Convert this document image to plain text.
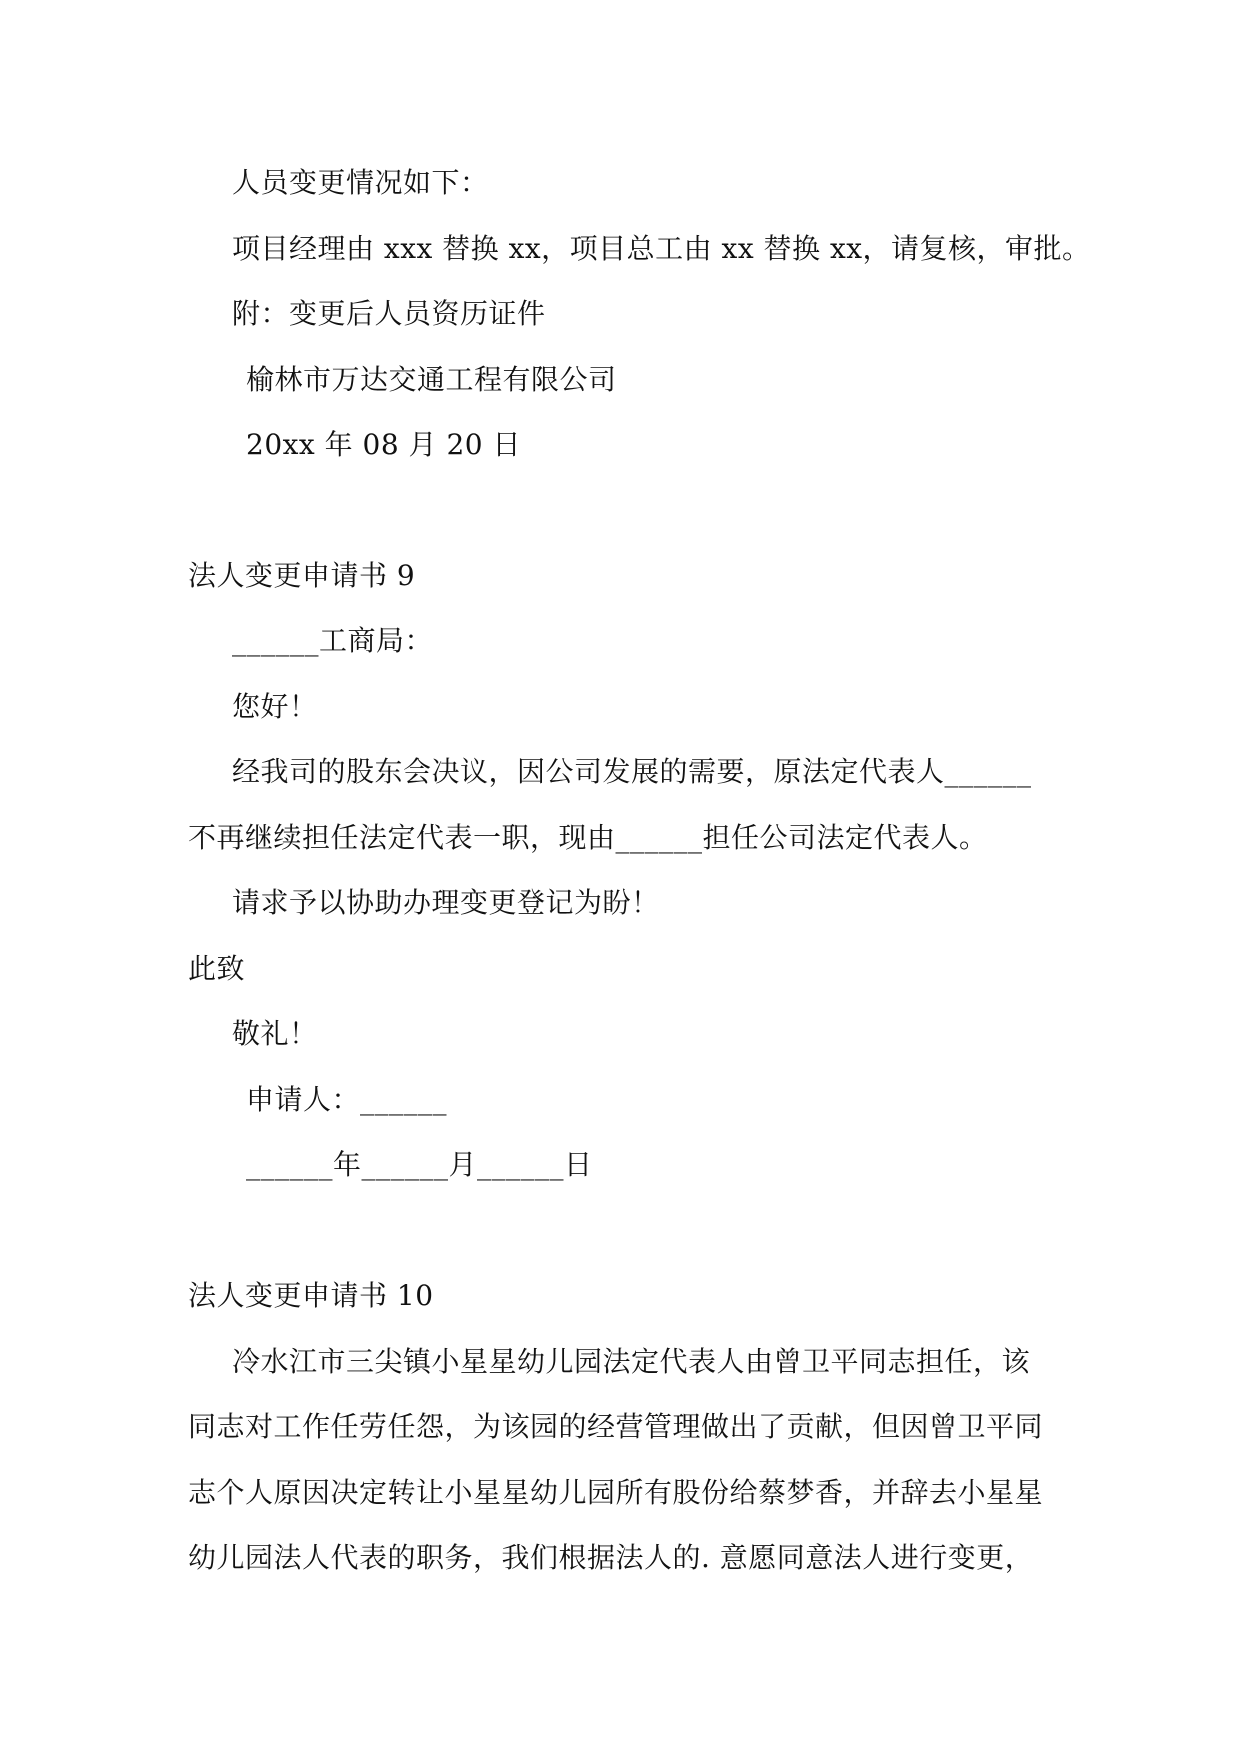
人员变更情况如下：
项目经理由 xxx 替换 xx，项目总工由 xx 替换 xx，请复核，审批。
附：变更后人员资历证件
榆林市万达交通工程有限公司
20xx 年 08 月 20 日
法人变更申请书 9
______工商局：
您好！
经我司的股东会决议，因公司发展的需要，原法定代表人______
不再继续担任法定代表一职，现由______担任公司法定代表人。
请求予以协助办理变更登记为盼！
此致
敬礼！
申请人：______
______年______月______日
法人变更申请书 10
冷水江市三尖镇小星星幼儿园法定代表人由曾卫平同志担任，该
同志对工作任劳任怨，为该园的经营管理做出了贡献，但因曾卫平同
志个人原因决定转让小星星幼儿园所有股份给蔡梦香，并辞去小星星
幼儿园法人代表的职务，我们根据法人的. 意愿同意法人进行变更，
